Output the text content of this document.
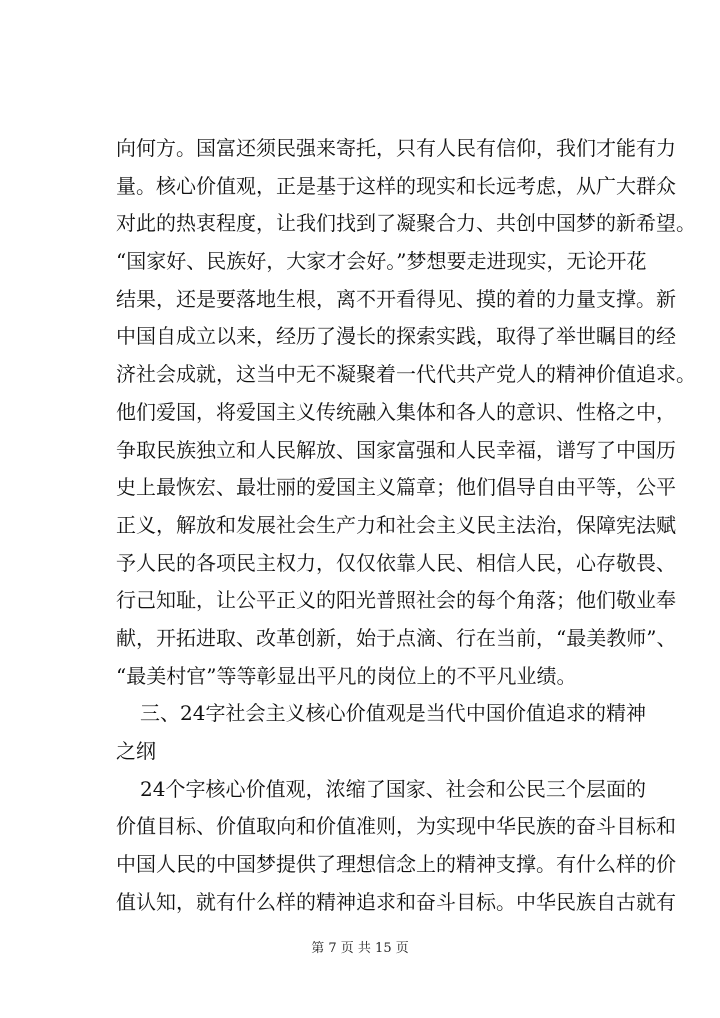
向何方。国富还须民强来寄托，只有人民有信仰，我们才能有力
量。核心价值观，正是基于这样的现实和长远考虑，从广大群众
对此的热衷程度，让我们找到了凝聚合力、共创中国梦的新希望。
“国家好、民族好，大家才会好。”梦想要走进现实，无论开花
结果，还是要落地生根，离不开看得见、摸的着的力量支撑。新
中国自成立以来，经历了漫长的探索实践，取得了举世瞩目的经
济社会成就，这当中无不凝聚着一代代共产党人的精神价值追求。
他们爱国，将爱国主义传统融入集体和各人的意识、性格之中，
争取民族独立和人民解放、国家富强和人民幸福，谱写了中国历
史上最恢宏、最壮丽的爱国主义篇章；他们倡导自由平等，公平
正义，解放和发展社会生产力和社会主义民主法治，保障宪法赋
予人民的各项民主权力，仅仅依靠人民、相信人民，心存敬畏、
行己知耻，让公平正义的阳光普照社会的每个角落；他们敬业奉
献，开拓进取、改革创新，始于点滴、行在当前，“最美教师”、
“最美村官”等等彰显出平凡的岗位上的不平凡业绩。
三、24字社会主义核心价值观是当代中国价值追求的精神
之纲
24个字核心价值观，浓缩了国家、社会和公民三个层面的
价值目标、价值取向和价值准则，为实现中华民族的奋斗目标和
中国人民的中国梦提供了理想信念上的精神支撑。有什么样的价
值认知，就有什么样的精神追求和奋斗目标。中华民族自古就有
第 7 页 共 15 页
